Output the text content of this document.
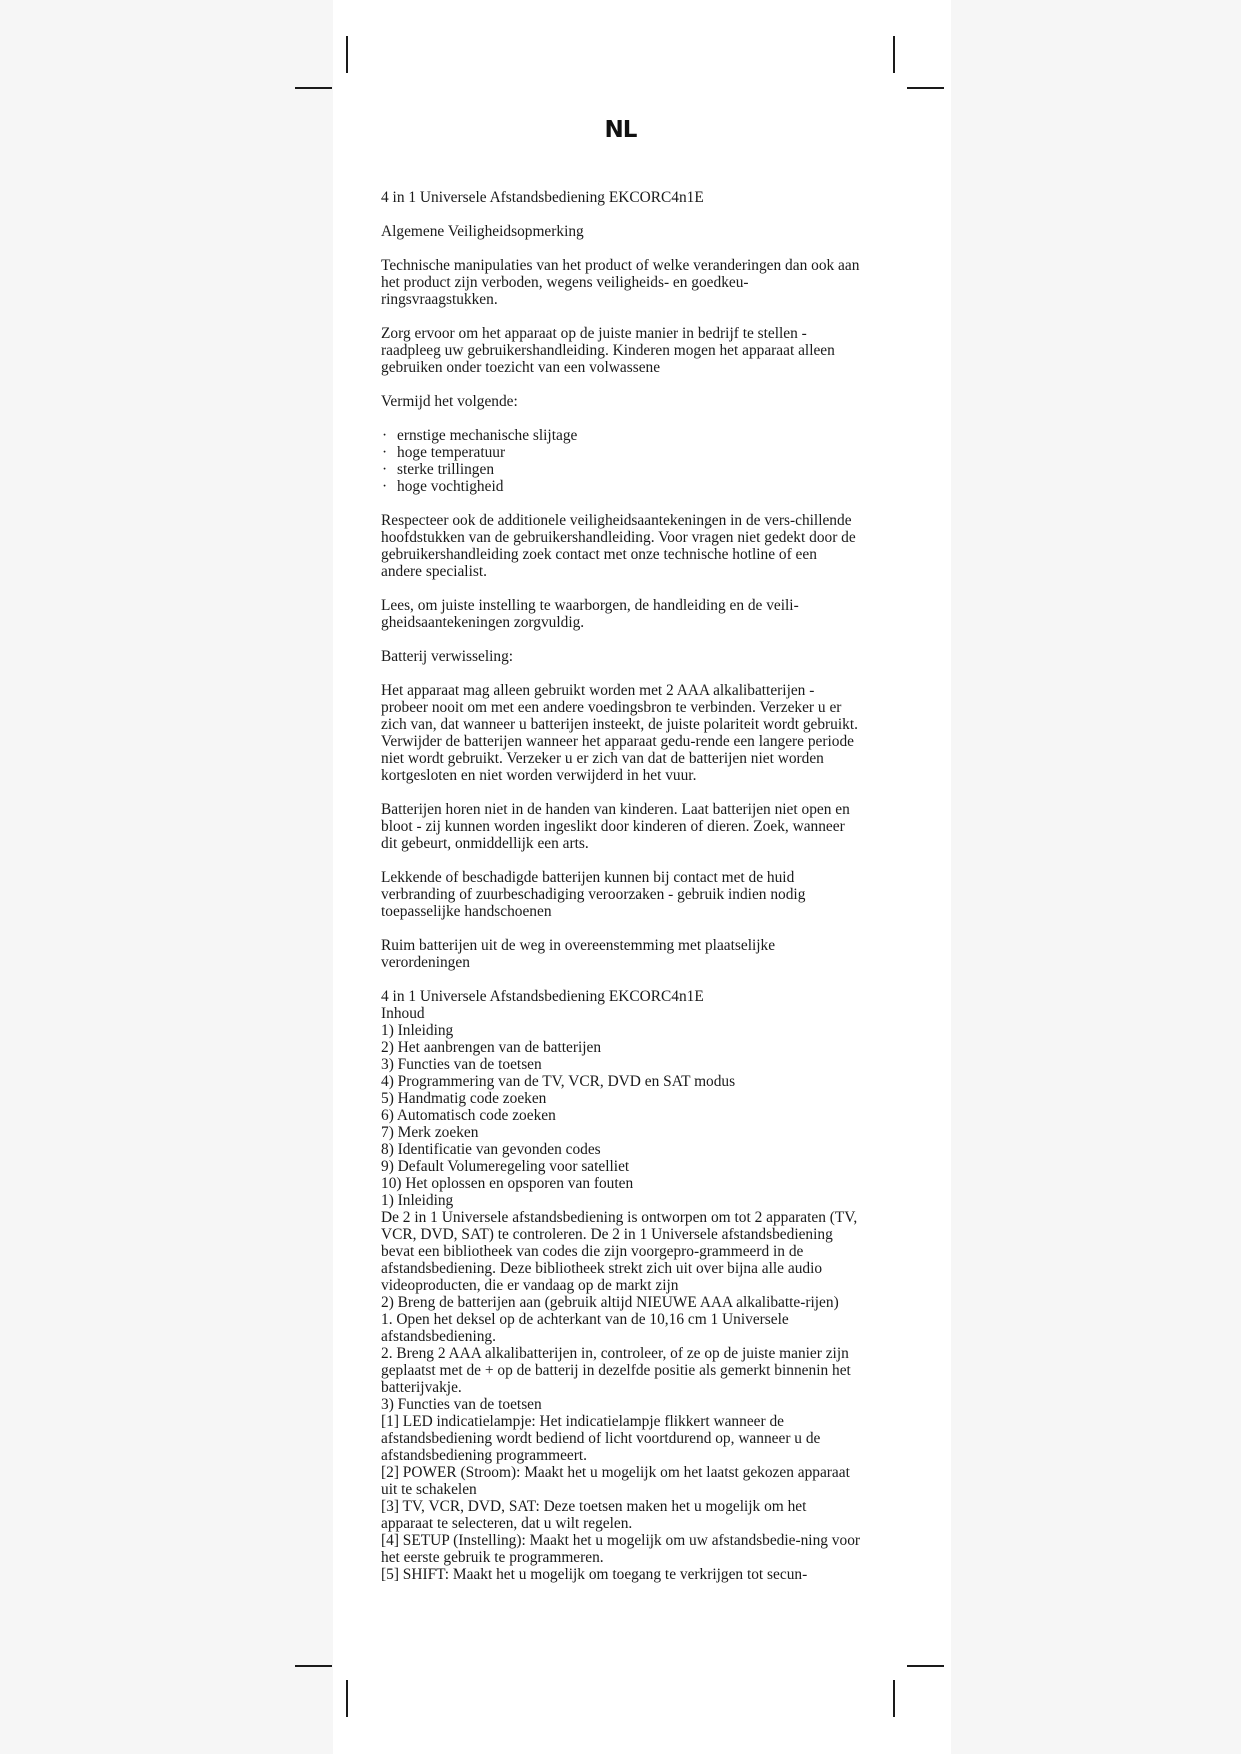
NL

4 in 1 Universele Afstandsbediening EKCORC4n1E

Algemene Veiligheidsopmerking

Technische manipulaties van het product of welke veranderingen dan ook aan het product zijn verboden, wegens veiligheids- en goedkeu-ringsvraagstukken.

Zorg ervoor om het apparaat op de juiste manier in bedrijf te stellen - raadpleeg uw gebruikershandleiding. Kinderen mogen het apparaat alleen gebruiken onder toezicht van een volwassene

Vermijd het volgende:

· ernstige mechanische slijtage
· hoge temperatuur
· sterke trillingen
· hoge vochtigheid

Respecteer ook de additionele veiligheidsaantekeningen in de vers-chillende hoofdstukken van de gebruikershandleiding. Voor vragen niet gedekt door de gebruikershandleiding zoek contact met onze technische hotline of een andere specialist.

Lees, om juiste instelling te waarborgen, de handleiding en de veili-gheidsaantekeningen zorgvuldig.

Batterij verwisseling:

Het apparaat mag alleen gebruikt worden met 2 AAA alkalibatterijen - probeer nooit om met een andere voedingsbron te verbinden. Verzeker u er zich van, dat wanneer u batterijen insteekt, de juiste polariteit wordt gebruikt. Verwijder de batterijen wanneer het apparaat gedu-rende een langere periode niet wordt gebruikt. Verzeker u er zich van dat de batterijen niet worden kortgesloten en niet worden verwijderd in het vuur.

Batterijen horen niet in de handen van kinderen. Laat batterijen niet open en bloot - zij kunnen worden ingeslikt door kinderen of dieren. Zoek, wanneer dit gebeurt, onmiddellijk een arts.

Lekkende of beschadigde batterijen kunnen bij contact met de huid verbranding of zuurbeschadiging veroorzaken - gebruik indien nodig toepasselijke handschoenen

Ruim batterijen uit de weg in overeenstemming met plaatselijke verordeningen

4 in 1 Universele Afstandsbediening EKCORC4n1E
Inhoud
1) Inleiding
2) Het aanbrengen van de batterijen
3) Functies van de toetsen
4) Programmering van de TV, VCR, DVD en SAT modus
5) Handmatig code zoeken
6) Automatisch code zoeken
7) Merk zoeken
8) Identificatie van gevonden codes
9) Default Volumeregeling voor satelliet
10) Het oplossen en opsporen van fouten
1) Inleiding
De 2 in 1 Universele afstandsbediening is ontworpen om tot 2 apparaten (TV, VCR, DVD, SAT) te controleren. De 2 in 1 Universele afstandsbediening bevat een bibliotheek van codes die zijn voorgepro-grammeerd in de afstandsbediening. Deze bibliotheek strekt zich uit over bijna alle audio videoproducten, die er vandaag op de markt zijn
2) Breng de batterijen aan (gebruik altijd NIEUWE AAA alkalibatte-rijen)
1. Open het deksel op de achterkant van de 10,16 cm 1 Universele afstandsbediening.
2. Breng 2 AAA alkalibatterijen in, controleer, of ze op de juiste manier zijn geplaatst met de + op de batterij in dezelfde positie als gemerkt binnenin het batterijvakje.
3) Functies van de toetsen
[1] LED indicatielampje: Het indicatielampje flikkert wanneer de afstandsbediening wordt bediend of licht voortdurend op, wanneer u de afstandsbediening programmeert.
[2] POWER (Stroom): Maakt het u mogelijk om het laatst gekozen apparaat uit te schakelen
[3] TV, VCR, DVD, SAT: Deze toetsen maken het u mogelijk om het apparaat te selecteren, dat u wilt regelen.
[4] SETUP (Instelling): Maakt het u mogelijk om uw afstandsbedie-ning voor het eerste gebruik te programmeren.
[5] SHIFT: Maakt het u mogelijk om toegang te verkrijgen tot secun-
